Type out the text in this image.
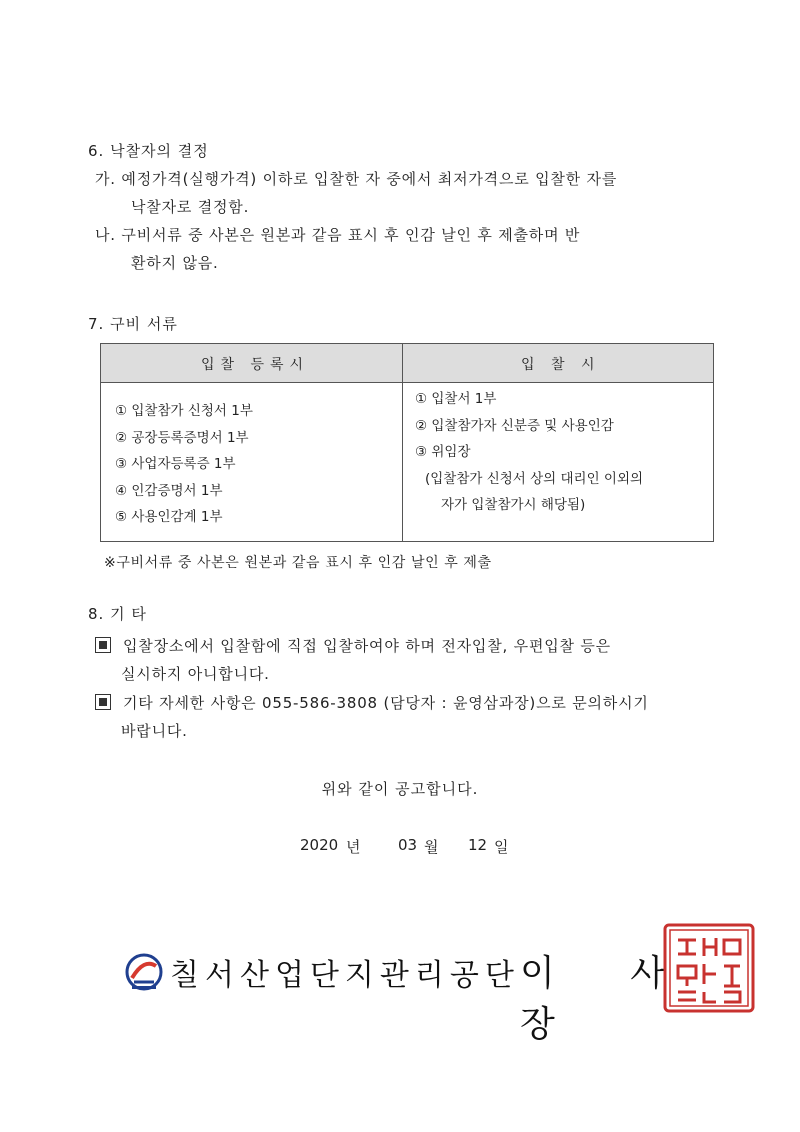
6. 낙찰자의 결정
가. 예정가격(실행가격) 이하로 입찰한 자 중에서 최저가격으로 입찰한 자를
낙찰자로 결정함.
나. 구비서류 중 사본은 원본과 같음 표시 후 인감 날인 후 제출하며 반
환하지 않음.
7. 구비 서류
입찰 등록시	입 찰 시
① 입찰참가 신청서 1부
② 공장등록증명서 1부
③ 사업자등록증 1부
④ 인감증명서 1부
⑤ 사용인감계 1부
① 입찰서 1부
② 입찰참가자 신분증 및 사용인감
③ 위임장
(입찰참가 신청서 상의 대리인 이외의
자가 입찰참가시 해당됨)
※구비서류 중 사본은 원본과 같음 표시 후 인감 날인 후 제출
8. 기 타
입찰장소에서 입찰함에 직접 입찰하여야 하며 전자입찰, 우편입찰 등은
실시하지 아니합니다.
기타 자세한 사항은 055-586-3808 (담당자 : 윤영삼과장)으로 문의하시기
바랍니다.
위와 같이 공고합니다.
2020 년	03 월 12 일
칠서산업단지관리공단 이 사 장
